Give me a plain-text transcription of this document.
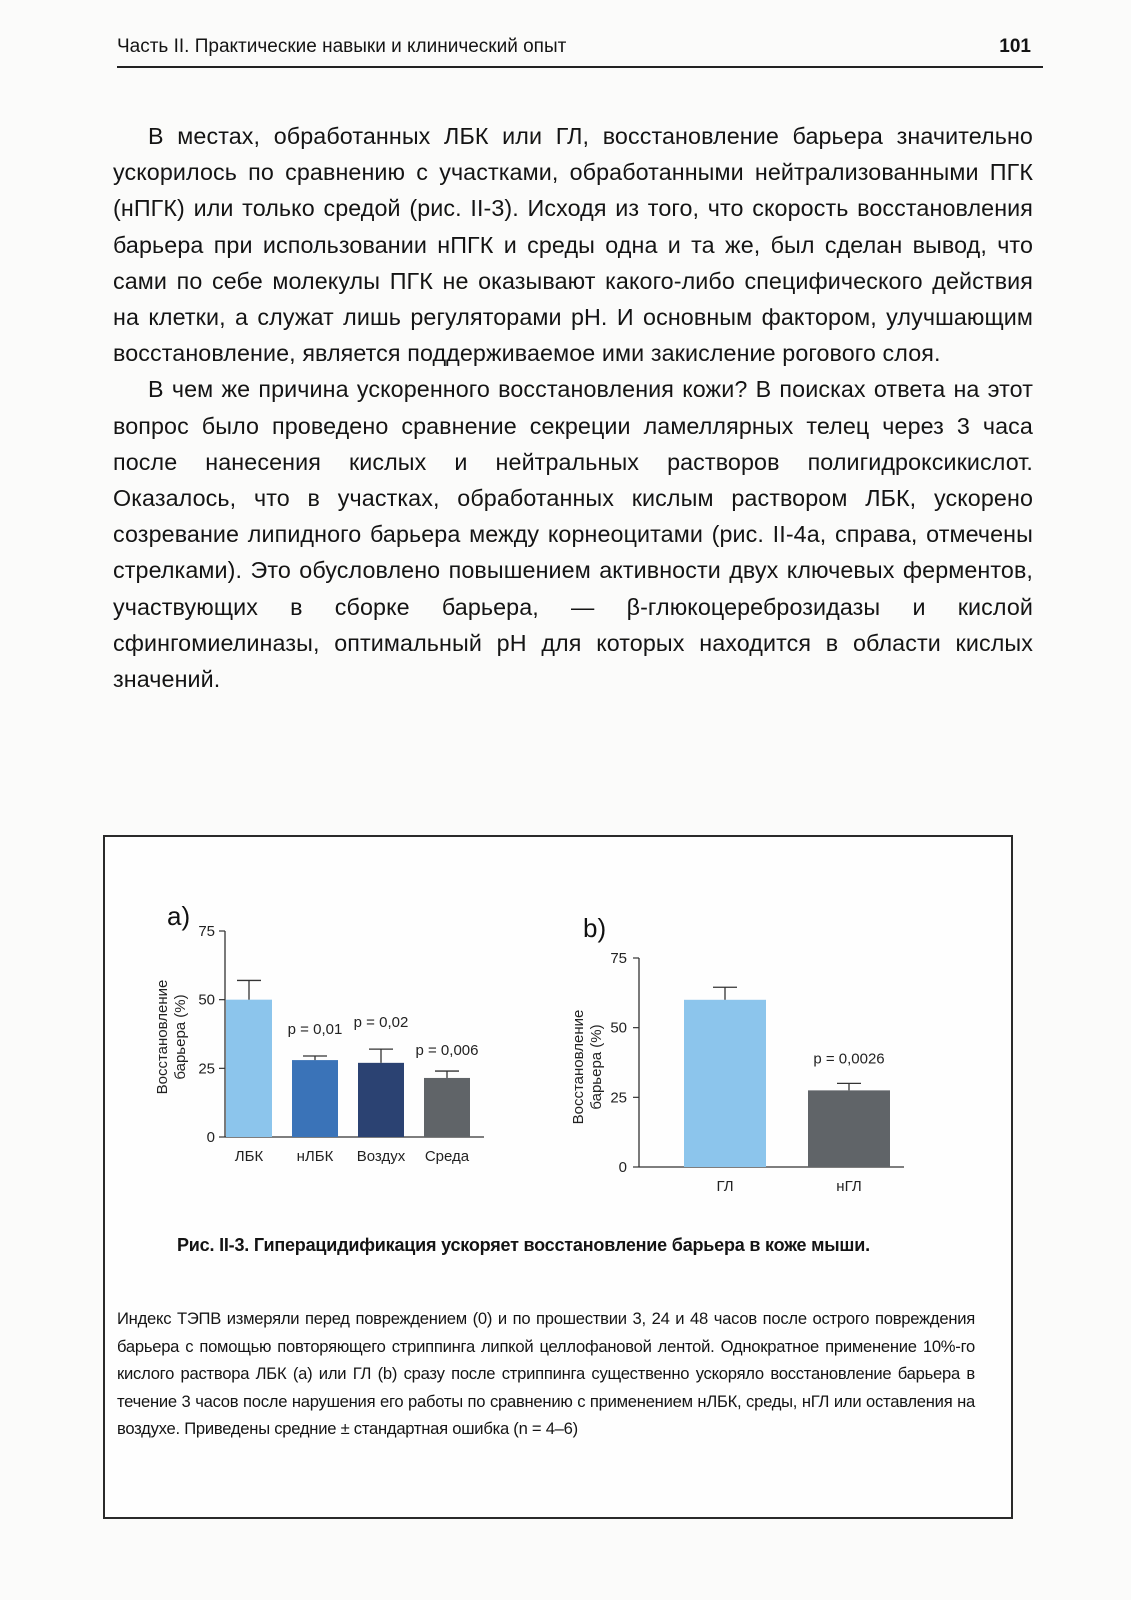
Часть II. Практические навыки и клинический опыт	101

В местах, обработанных ЛБК или ГЛ, восстановление барьера значительно ускорилось по сравнению с участками, обработанными нейтрализованными ПГК (нПГК) или только средой (рис. II-3). Исходя из того, что скорость восстановления барьера при использовании нПГК и среды одна и та же, был сделан вывод, что сами по себе молекулы ПГК не оказывают какого-либо специфического действия на клетки, а служат лишь регуляторами рН. И основным фактором, улучшающим восстановление, является поддерживаемое ими закисление рогового слоя.

В чем же причина ускоренного восстановления кожи? В поисках ответа на этот вопрос было проведено сравнение секреции ламеллярных телец через 3 часа после нанесения кислых и нейтральных растворов полигидроксикислот. Оказалось, что в участках, обработанных кислым раствором ЛБК, ускорено созревание липидного барьера между корнеоцитами (рис. II-4а, справа, отмечены стрелками). Это обусловлено повышением активности двух ключевых ферментов, участвующих в сборке барьера, — β-глюкоцереброзидазы и кислой сфингомиелиназы, оптимальный рН для которых находится в области кислых значений.

a)
0
25
50
75
Восстановление барьера (%)
ЛБК нЛБК
p = 0,01
Воздух
p = 0,02
Среда
p = 0,006
b)
0
25
50
75
Восстановление барьера (%)
ГЛ	нГЛ
p = 0,0026
Рис. II-3. Гиперацидификация ускоряет восстановление барьера в коже мыши.
Индекс ТЭПВ измеряли перед повреждением (0) и по прошествии 3, 24 и 48 часов после острого повреждения барьера с помощью повторяющего стриппинга липкой целлофановой лентой. Однократное применение 10%-го кислого раствора ЛБК (а) или ГЛ (b) сразу после стриппинга существенно ускоряло восстановление барьера в течение 3 часов после нарушения его работы по сравнению с применением нЛБК, среды, нГЛ или оставления на воздухе. Приведены средние ± стандартная ошибка (n = 4–6)
